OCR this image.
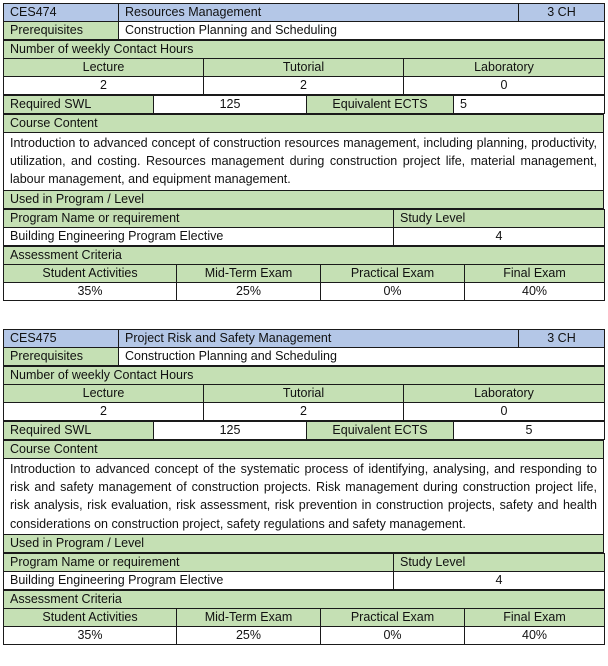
CES474	Resources Management	3 CH
Prerequisites	Construction Planning and Scheduling	
Number of weekly Contact Hours		
Lecture	Tutorial	Laboratory
2	2	0
Required SWL	125	Equivalent ECTS	5
Course Content
Introduction to advanced concept of construction resources management, including planning, productivity, utilization, and costing. Resources management during construction project life, material management, labour management, and equipment management.
Used in Program / Level
Program Name or requirement	Study Level
Building Engineering Program Elective	4
Assessment Criteria			
Student Activities	Mid-Term Exam	Practical Exam	Final Exam
35%	25%	0%	40%
CES475	Project Risk and Safety Management	3 CH
Prerequisites	Construction Planning and Scheduling	
Number of weekly Contact Hours		
Lecture	Tutorial	Laboratory
2	2	0
Required SWL	125	Equivalent ECTS	5
Course Content
Introduction to advanced concept of the systematic process of identifying, analysing, and responding to risk and safety management of construction projects. Risk management during construction project life, risk analysis, risk evaluation, risk assessment, risk prevention in construction projects, safety and health considerations on construction project, safety regulations and safety management.
Used in Program / Level
Program Name or requirement	Study Level
Building Engineering Program Elective	4
Assessment Criteria			
Student Activities	Mid-Term Exam	Practical Exam	Final Exam
35%	25%	0%	40%
